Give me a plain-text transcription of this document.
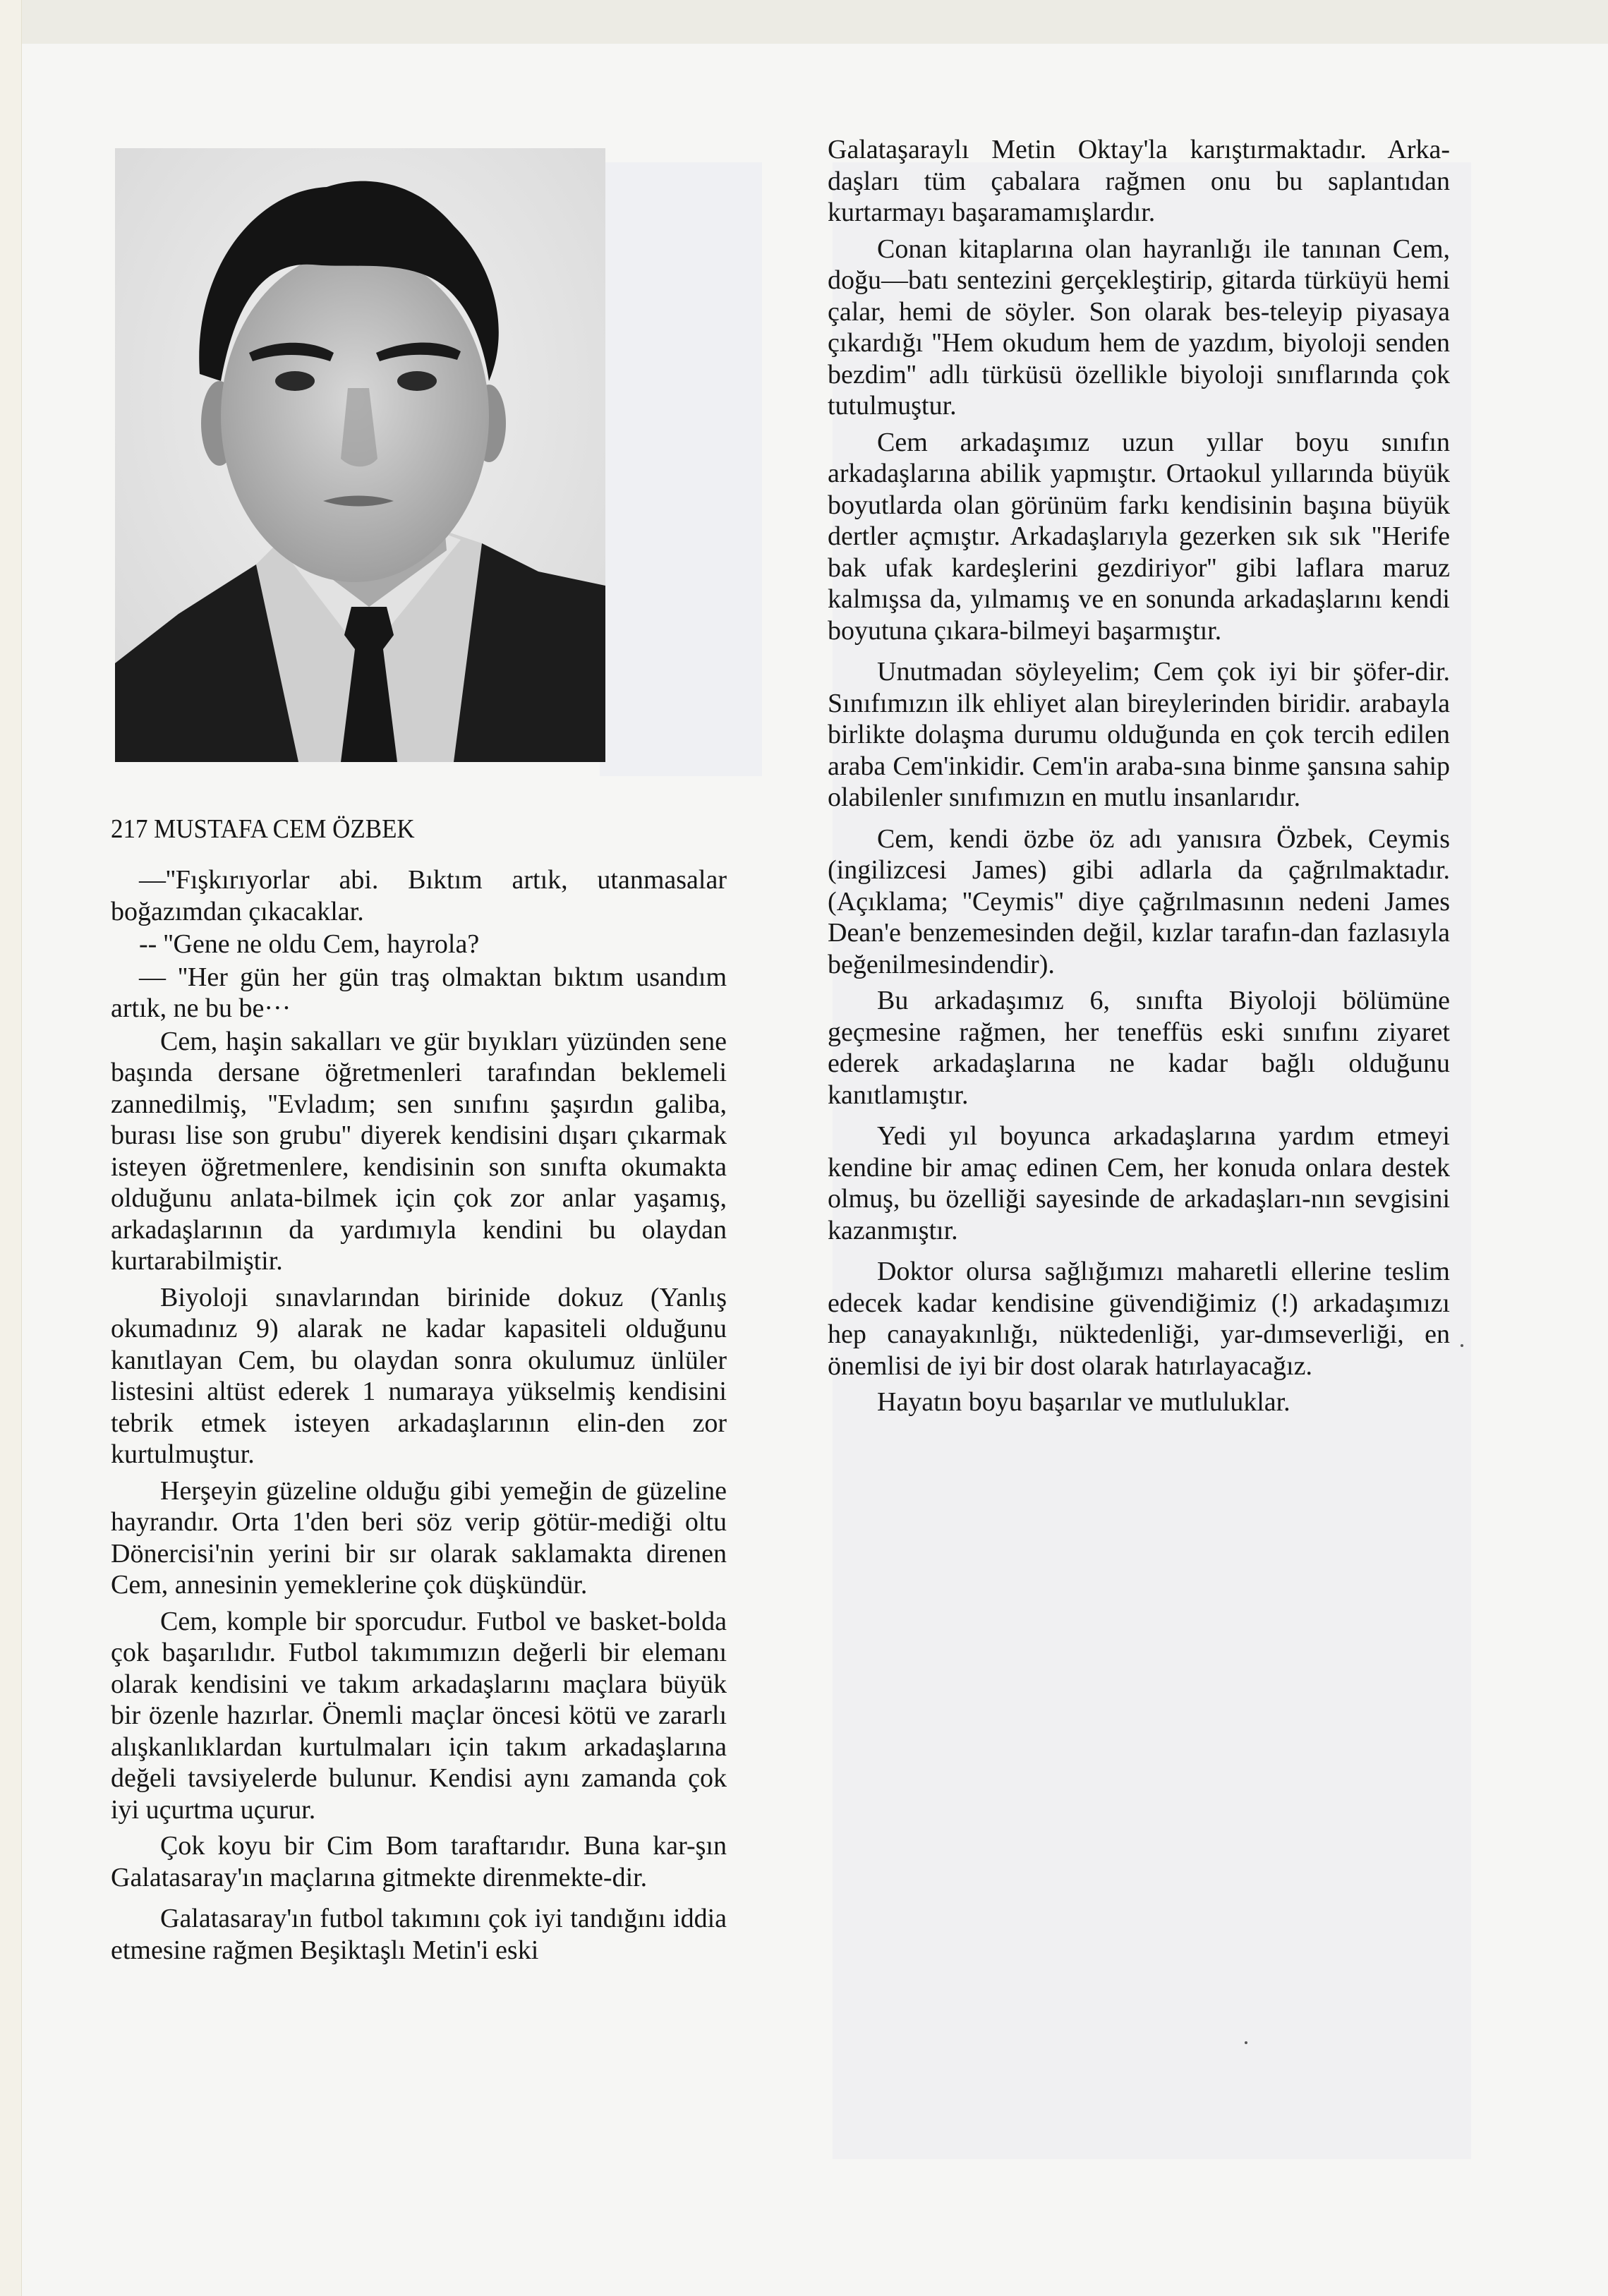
217 MUSTAFA CEM ÖZBEK

—''Fışkırıyorlar abi. Bıktım artık, utanmasalar boğazımdan çıkacaklar.

-- ''Gene ne oldu Cem, hayrola?

— ''Her gün her gün traş olmaktan bıktım usandım artık, ne bu be···

Cem, haşin sakalları ve gür bıyıkları yüzünden sene başında dersane öğretmenleri tarafından beklemeli zannedilmiş, ''Evladım; sen sınıfını şaşırdın galiba, burası lise son grubu'' diyerek kendisini dışarı çıkarmak isteyen öğretmenlere, kendisinin son sınıfta okumakta olduğunu anlata-bilmek için çok zor anlar yaşamış, arkadaşlarının da yardımıyla kendini bu olaydan kurtarabilmiştir.

Biyoloji sınavlarından birinide dokuz (Yanlış okumadınız 9) alarak ne kadar kapasiteli olduğunu kanıtlayan Cem, bu olaydan sonra okulumuz ünlüler listesini altüst ederek 1 numaraya yükselmiş kendisini tebrik etmek isteyen arkadaşlarının elin-den zor kurtulmuştur.

Herşeyin güzeline olduğu gibi yemeğin de güzeline hayrandır. Orta 1'den beri söz verip götür-mediği oltu Dönercisi'nin yerini bir sır olarak saklamakta direnen Cem, annesinin yemeklerine çok düşkündür.

Cem, komple bir sporcudur. Futbol ve basket-bolda çok başarılıdır. Futbol takımımızın değerli bir elemanı olarak kendisini ve takım arkadaşlarını maçlara büyük bir özenle hazırlar. Önemli maçlar öncesi kötü ve zararlı alışkanlıklardan kurtulmaları için takım arkadaşlarına değeli tavsiyelerde bulunur. Kendisi aynı zamanda çok iyi uçurtma uçurur.

Çok koyu bir Cim Bom taraftarıdır. Buna kar-şın Galatasaray'ın maçlarına gitmekte direnmekte-dir.

Galatasaray'ın futbol takımını çok iyi tandığını iddia etmesine rağmen Beşiktaşlı Metin'i eski

Galataşaraylı Metin Oktay'la karıştırmaktadır. Arka-daşları tüm çabalara rağmen onu bu saplantıdan kurtarmayı başaramamışlardır.

Conan kitaplarına olan hayranlığı ile tanınan Cem, doğu—batı sentezini gerçekleştirip, gitarda türküyü hemi çalar, hemi de söyler. Son olarak bes-teleyip piyasaya çıkardığı ''Hem okudum hem de yazdım, biyoloji senden bezdim'' adlı türküsü özellikle biyoloji sınıflarında çok tutulmuştur.

Cem arkadaşımız uzun yıllar boyu sınıfın arkadaşlarına abilik yapmıştır. Ortaokul yıllarında büyük boyutlarda olan görünüm farkı kendisinin başına büyük dertler açmıştır. Arkadaşlarıyla gezerken sık sık ''Herife bak ufak kardeşlerini gezdiriyor'' gibi laflara maruz kalmışsa da, yılmamış ve en sonunda arkadaşlarını kendi boyutuna çıkara-bilmeyi başarmıştır.

Unutmadan söyleyelim; Cem çok iyi bir şöfer-dir. Sınıfımızın ilk ehliyet alan bireylerinden biridir. arabayla birlikte dolaşma durumu olduğunda en çok tercih edilen araba Cem'inkidir. Cem'in araba-sına binme şansına sahip olabilenler sınıfımızın en mutlu insanlarıdır.

Cem, kendi özbe öz adı yanısıra Özbek, Ceymis (ingilizcesi James) gibi adlarla da çağrılmaktadır. (Açıklama; ''Ceymis'' diye çağrılmasının nedeni James Dean'e benzemesinden değil, kızlar tarafın-dan fazlasıyla beğenilmesindendir).

Bu arkadaşımız 6, sınıfta Biyoloji bölümüne geçmesine rağmen, her teneffüs eski sınıfını ziyaret ederek arkadaşlarına ne kadar bağlı olduğunu kanıtlamıştır.

Yedi yıl boyunca arkadaşlarına yardım etmeyi kendine bir amaç edinen Cem, her konuda onlara destek olmuş, bu özelliği sayesinde de arkadaşları-nın sevgisini kazanmıştır.

Doktor olursa sağlığımızı maharetli ellerine teslim edecek kadar kendisine güvendiğimiz (!) arkadaşımızı hep canayakınlığı, nüktedenliği, yar-dımseverliği, en önemlisi de iyi bir dost olarak hatırlayacağız.

Hayatın boyu başarılar ve mutluluklar.
